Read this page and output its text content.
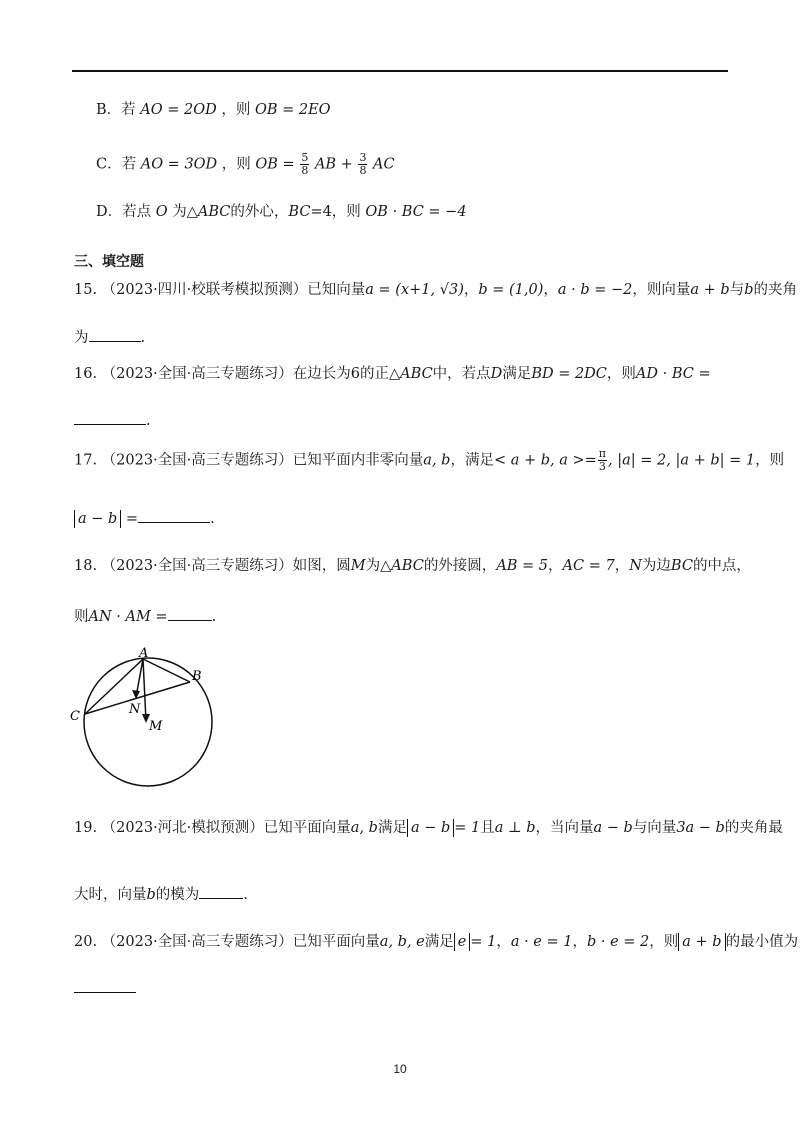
B．若 AO = 2OD ，则 OB = 2EO
C．若 AO = 3OD ，则 OB = $\frac{5}{8}$ AB + $\frac{3}{8}$ AC
D．若点 O 为△ABC的外心，BC=4，则 OB · BC = −4
三、填空题
15. （2023·四川·校联考模拟预测）已知向量a = (x+1, √3)，b = (1,0)，a · b = −2，则向量a + b与b的夹角
为	.
16. （2023·全国·高三专题练习）在边长为6的正△ABC中，若点D满足BD = 2DC，则AD · BC =
.
17. （2023·全国·高三专题练习）已知平面内非零向量a, b，满足< a + b, $a >= \frac{\pi}{3}$ , |a| = 2, |a + b| = 1，则
a − b =	.
18. （2023·全国·高三专题练习）如图，圆M为△ABC的外接圆，AB = 5，AC = 7，N为边BC的中点，
则AN · AM =	.
A
B
C	N
M
19. （2023·河北·模拟预测）已知平面向量a, b满足 a − b = 1且a ⊥ b，当向量a − b与向量3a − b的夹角最
大时，向量b的模为	.
20. （2023·全国·高三专题练习）已知平面向量a, b, e满足 e = 1，a · e = 1，b · e = 2，则 a + b 的最小值为
10
